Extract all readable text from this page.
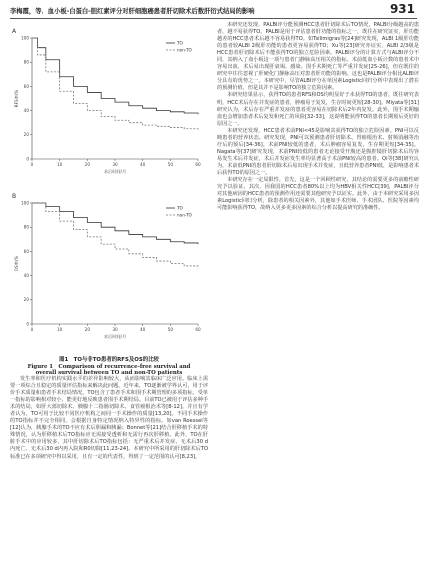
李梅霞，等．血小板-白蛋白-胆红素评分对肝细胞癌患者肝切除术后数肝衍式结局的影响	931
A
0
20
40
60
80
100
0	10	20	30	40	50	60
术后时间/月
RFS率/%
TO
non-TO
B
0
20
40
60
80
100
0	10	20	30	40	50	60
术后时间/月
OS率/%
TO
non-TO
图1　TO与非TO患者的RFS及OS的比较
Figure 1　Comparison of recurrence-free survival and
overall survival between TO and non-TO patients

发生率和医疗机构实践水平的差异影响较大，从而影响其临床广泛应用。临床上需要一项综合且稳定的质量评估指标来解决此问题。近年来，TO逐渐被学界认可，用于评价手术质量和患者手术结局情况。TO包含了患者手术和围手术期管理的多项指标，受单一指标的影响相对较小，能更好地反映患者围手术期结局。目前TO已被用于评估多种手术的结局，如肝大部切除术、胰腺十二指肠切除术、食管癌根治术等[8-12]。并且有学者认为，TO可用于比较不同医疗机构之间同一手术操作的质量[13,20]。不同手术操作的TO指标并不完全相同，会根据自身特定情况纳入特异性的指标。如van Roessel等[12]认为，胰腺手术的TO不应有术后胆漏和胰漏；Bonnet等[21]结合肝移植手术的特殊情况，认为肝移植术后TO指标应无需接受透析和无需行再次肝移植。此外，TO在肝脏手术中的应用较多，其中肝切除术后TO指标包括：无严重术后并发症、无术后30 d内死亡、无术后30 d内再入院和R0切除[11,23-24]。本研究中所采用的肝切除术后TO标准已在多项研究中得以采用，且有一定的代表性，得到了一定范围的认可[8,23]。

本研究还发现，PALBI评分能预测HCC患者肝切除术后TO情况，PALBI分级越高的患者，越不易获得TO。PALBI是用于评估患者肝功能的指标之一，既往在研究证实，肝功能越差的HCC患者术后越不容易获得TO。如Tsilimigras等[24]研究发现，ALBI 1级肝功能的患者较ALBI 2级肝功能的患者更容易获得TO；Xu等[23]研究亦证实，ALBI 2/3级是HCC患者肝切除术后不能获得TO的独立危险因素。PALBI评分的计算方式与ALBI评分不同，其纳入了血小板这一项与患者门静脉高压相关的指标。术前低血小板计数的患者术中容易出血，术后易出现肝衰竭、感染、围手术期死亡等严重并发症[25-26]，但在既往的研究中往往忽视了肝硬化门静脉高压对患者肝功能的影响。这也是PALBI评分相比ALBI评分具有的优势之一。本研究中，尽管ALBI评分在单因素Logistic回归分析中表现出了潜在的预测价值，但是其并不是影响TO的独立危险因素。

本研究结果显示，获得TO的患者RFS和OS均明显好于未获得TO的患者。既往研究表明，HCC术后存在并发症的患者，肿瘤易于复发，生存时间更短[28-30]。Miyata等[31]研究认为，术后存在严重并发症的患者更容易在切除术后2年内复发。此外，围手术期输血也会增加患者术后复发和死亡的风险[32-33]，这说明能获得TO的患者长期预后更好的原因之一。

本研究还发现，HCC患者术前PNI<45是影响其获得TO的独立危险因素。PNI可以反映患者的营养状态。研究发现，PNI可以预测患者肝切除术、胃癌根治术、射频消融等治疗后的预后[34-36]。术前PNI较低的患者，术后肿瘤容易复发，生存期更短[34-35]。Nagata等[37]研究发现，术前PNI较低的患者无论接受开腹还是腹腔镜肝切除术后均容易发生术后并发症，术后并发症发生率均显著高于术前PNI较高的患者。Qi等[38]研究认为，术前低PNI的患者肝切除术后易出现手术并发症，且低营养患者PNI低，是影响患者术后获得TO的原因之一。

本研究存在一定局限性。首先，这是一个回顾性研究，其结论的需要更多的前瞻性研究予以验证。其次，因我国的HCC患者80%以上均为HBV相关性HCC[39]，PALBI评分对其他病因的HCC患者的预测作用还需要其他研究予以证实。此外，由于本研究采用多因素Logistic回归分析，除患者的相关因素外，其他如手术医师、手术团队、医院等因素均可能影响获得TO，故纳入更多更多因素的综合分析以提高研究的准确性。
